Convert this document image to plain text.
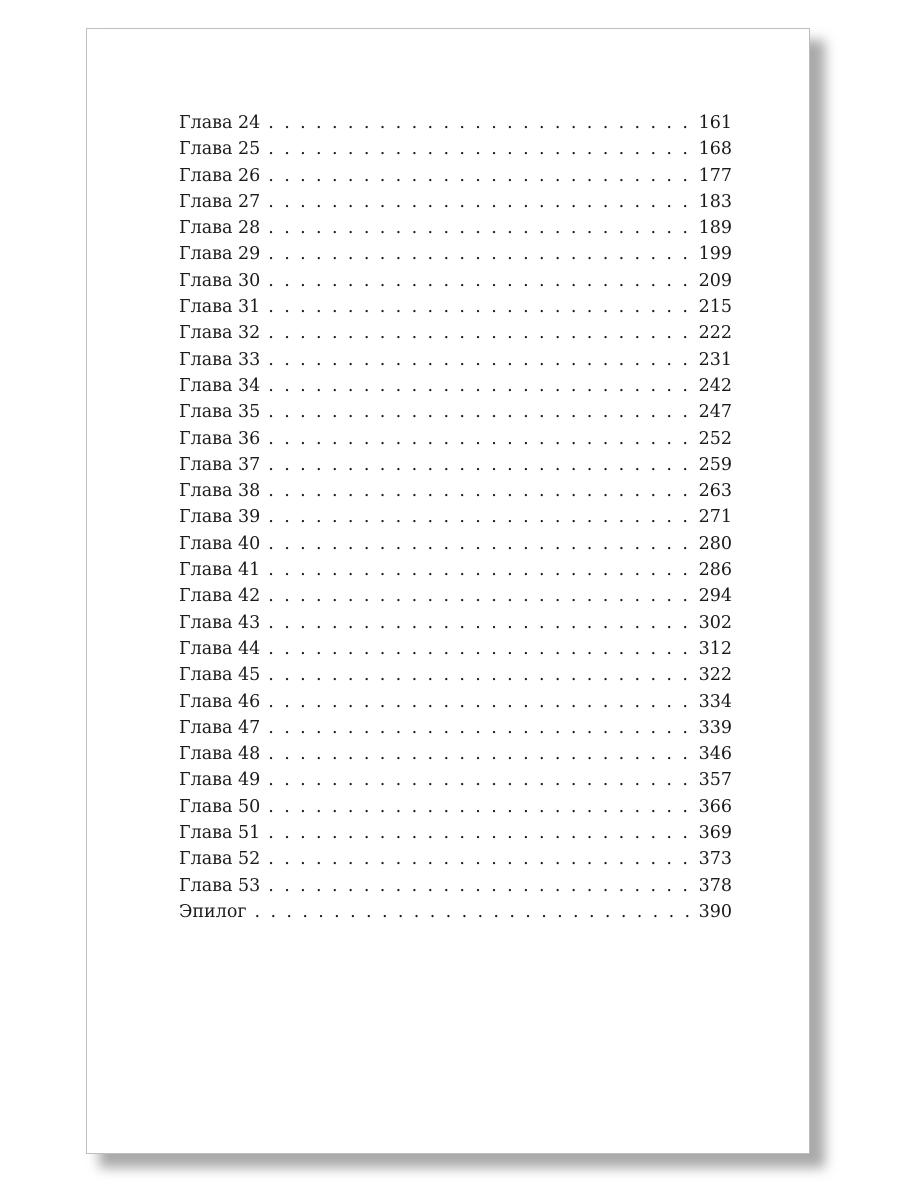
Глава 24 . . .	161
Глава 25 . . .	168
Глава 26 . . .	177
Глава 27 . . .	183
Глава 28 . . .	189
Глава 29 . . .	199
Глава 30 . . .	209
Глава 31 . . .	215
Глава 32 . . .	222
Глава 33 . . .	231
Глава 34 . . .	242
Глава 35 . . .	247
Глава 36 . . .	252
Глава 37 . . .	259
Глава 38 . . .	263
Глава 39 . . .	271
Глава 40 . . .	280
Глава 41 . . .	286
Глава 42 . . .	294
Глава 43 . . .	302
Глава 44 . . .	312
Глава 45 . . .	322
Глава 46 . . .	334
Глава 47 . . .	339
Глава 48 . . .	346
Глава 49 . . .	357
Глава 50 . . .	366
Глава 51 . . .	369
Глава 52 . . .	373
Глава 53 . . .	378
Эпилог . . .	390
